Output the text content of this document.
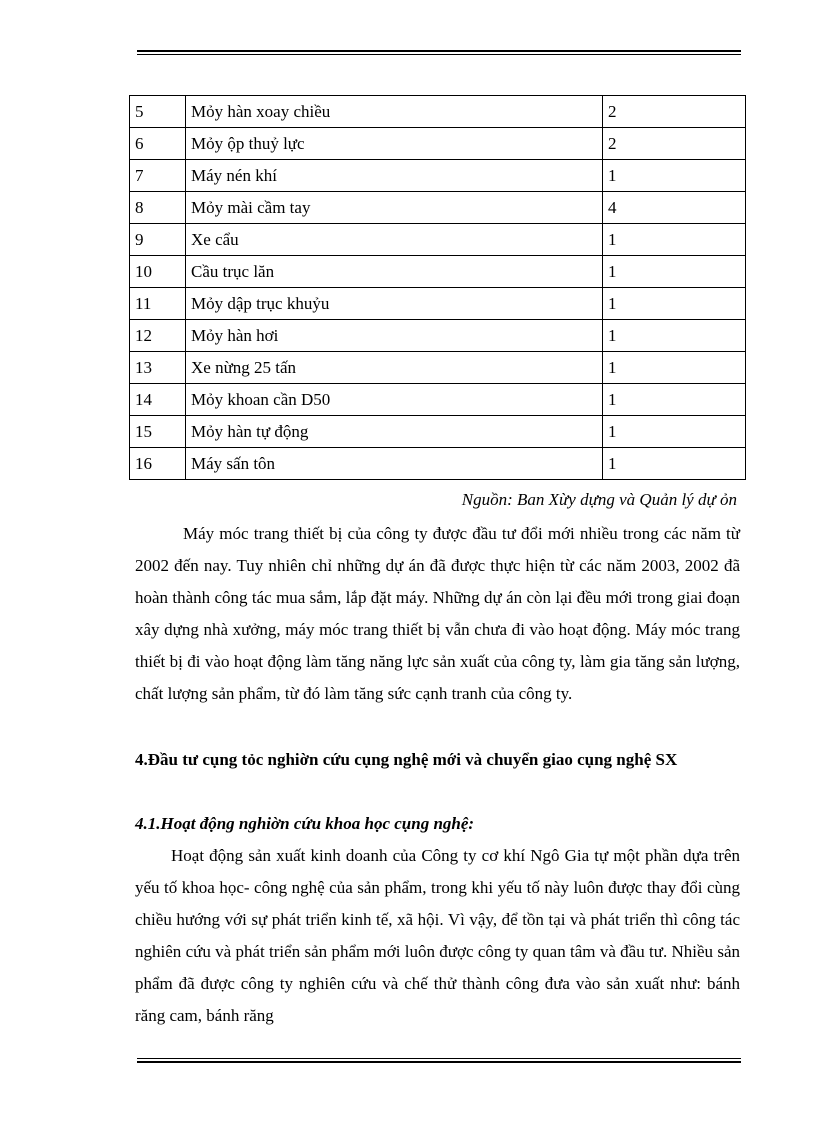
5	Mỏy hàn xoay chiều	2
6	Mỏy ộp thuỷ lực	2
7	Máy nén khí	1
8	Mỏy mài cầm tay	4
9	Xe cẩu	1
10	Cầu trục lăn	1
11	Mỏy dập trục khuỷu	1
12	Mỏy hàn hơi	1
13	Xe nừng 25 tấn	1
14	Mỏy khoan cần D50	1
15	Mỏy hàn tự động	1
16	Máy sấn tôn	1
Nguồn: Ban Xừy dựng và Quản lý dự ỏn

Máy móc trang thiết bị của công ty được đầu tư đổi mới nhiều trong các năm từ 2002 đến nay. Tuy nhiên chỉ những dự án đã được thực hiện từ các năm 2003, 2002 đã hoàn thành công tác mua sắm, lắp đặt máy. Những dự án còn lại đều mới trong giai đoạn xây dựng nhà xưởng, máy móc trang thiết bị vẫn chưa đi vào hoạt động. Máy móc trang thiết bị đi vào hoạt động làm tăng năng lực sản xuất của công ty, làm gia tăng sản lượng, chất lượng sản phẩm, từ đó làm tăng sức cạnh tranh của công ty.

4.Đầu tư cụng tỏc nghiờn cứu cụng nghệ mới và chuyển giao cụng nghệ SX

4.1.Hoạt động nghiờn cứu khoa học cụng nghệ:

Hoạt động sản xuất kinh doanh của Công ty cơ khí Ngô Gia tự một phần dựa trên yếu tố khoa học- công nghệ của sản phẩm, trong khi yếu tố này luôn được thay đổi cùng chiều hướng với sự phát triển kinh tế, xã hội. Vì vậy, để tồn tại và phát triển thì công tác nghiên cứu và phát triển sản phẩm mới luôn được công ty quan tâm và đầu tư. Nhiều sản phẩm đã được công ty nghiên cứu và chế thử thành công đưa vào sản xuất như: bánh răng cam, bánh răng
